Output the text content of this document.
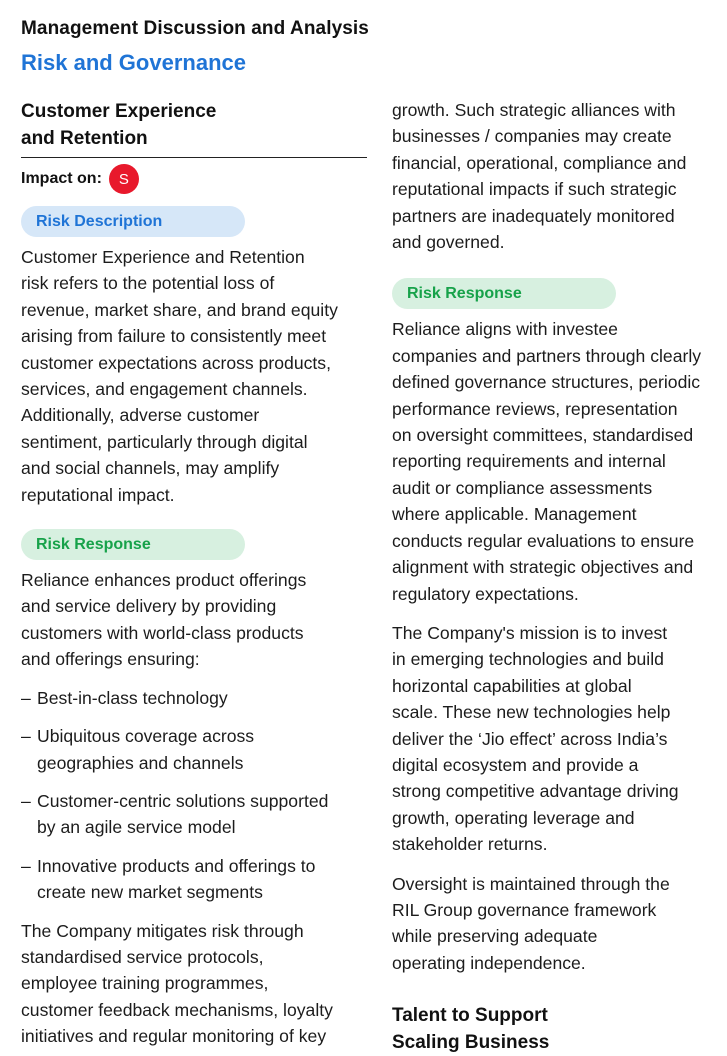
Management Discussion and Analysis
Risk and Governance
Customer Experience
and Retention
Impact on:	S
Risk Description

Customer Experience and Retention
risk refers to the potential loss of
revenue, market share, and brand equity
arising from failure to consistently meet
customer expectations across products,
services, and engagement channels.
Additionally, adverse customer
sentiment, particularly through digital
and social channels, may amplify
reputational impact.

Risk Response

Reliance enhances product offerings
and service delivery by providing
customers with world-class products
and offerings ensuring:

– Best-in-class technology
– Ubiquitous coverage across
geographies and channels
– Customer-centric solutions supported
by an agile service model
– Innovative products and offerings to
create new market segments

The Company mitigates risk through
standardised service protocols,
employee training programmes,
customer feedback mechanisms, loyalty
initiatives and regular monitoring of key

growth. Such strategic alliances with
businesses / companies may create
financial, operational, compliance and
reputational impacts if such strategic
partners are inadequately monitored
and governed.

Risk Response

Reliance aligns with investee
companies and partners through clearly
defined governance structures, periodic
performance reviews, representation
on oversight committees, standardised
reporting requirements and internal
audit or compliance assessments
where applicable. Management
conducts regular evaluations to ensure
alignment with strategic objectives and
regulatory expectations.

The Company's mission is to invest
in emerging technologies and build
horizontal capabilities at global
scale. These new technologies help
deliver the ‘Jio effect’ across India’s
digital ecosystem and provide a
strong competitive advantage driving
growth, operating leverage and
stakeholder returns.

Oversight is maintained through the
RIL Group governance framework
while preserving adequate
operating independence.

Talent to Support
Scaling Business
